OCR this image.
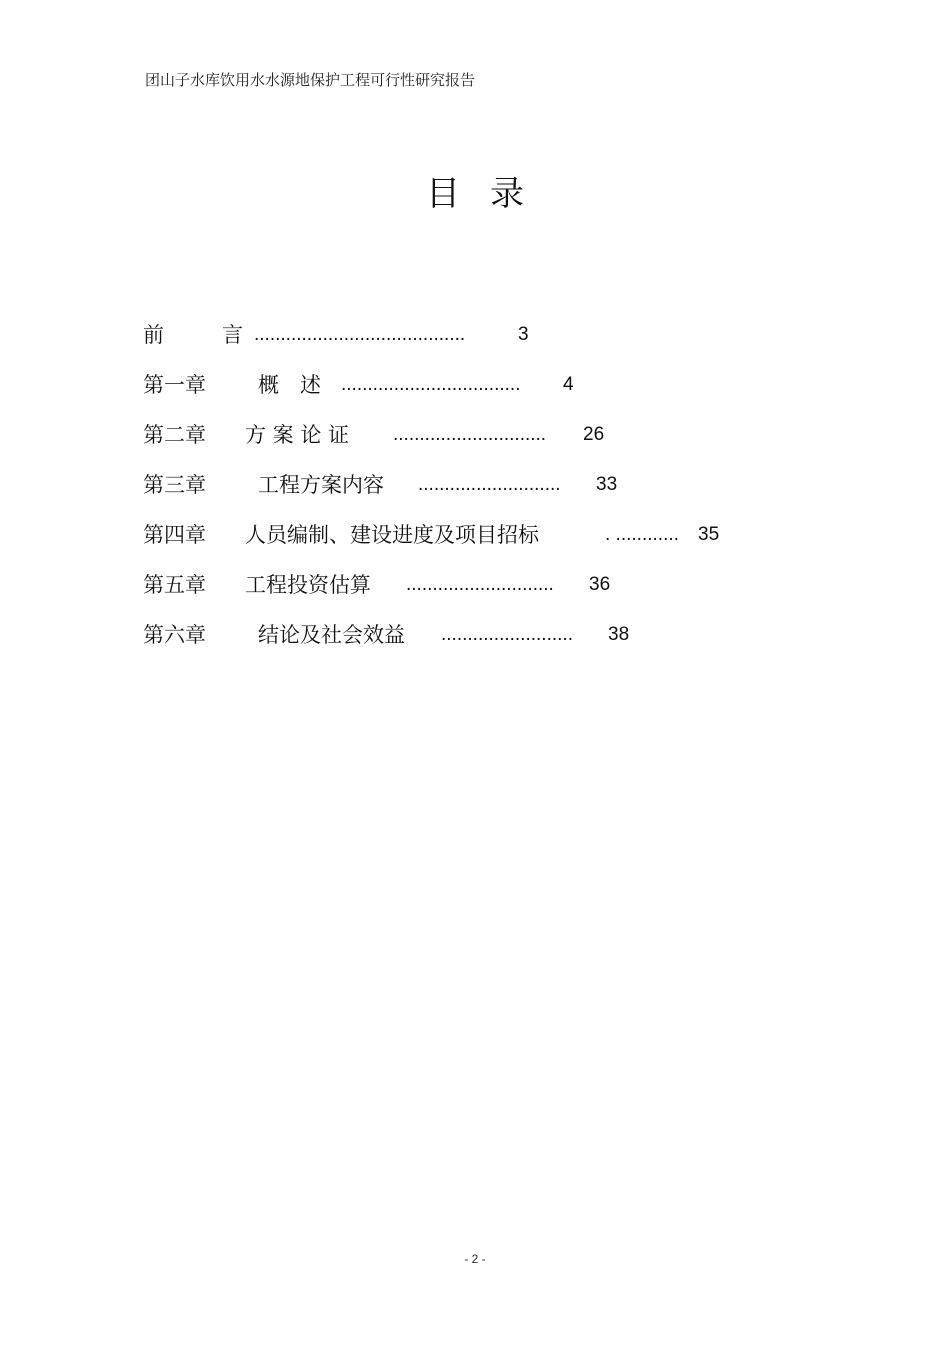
团山子水库饮用水水源地保护工程可行性研究报告
目录
前	言 ........................................	3
第一章 概　述 .................................. 4
第二章 方 案 论 证 ............................. 26
第三章 工程方案内容 ........................... 33
第四章 人员编制、建设进度及项目招标	. ............ 35
第五章 工程投资估算 ............................ 36
第六章 结论及社会效益 ......................... 38
- 2 -
